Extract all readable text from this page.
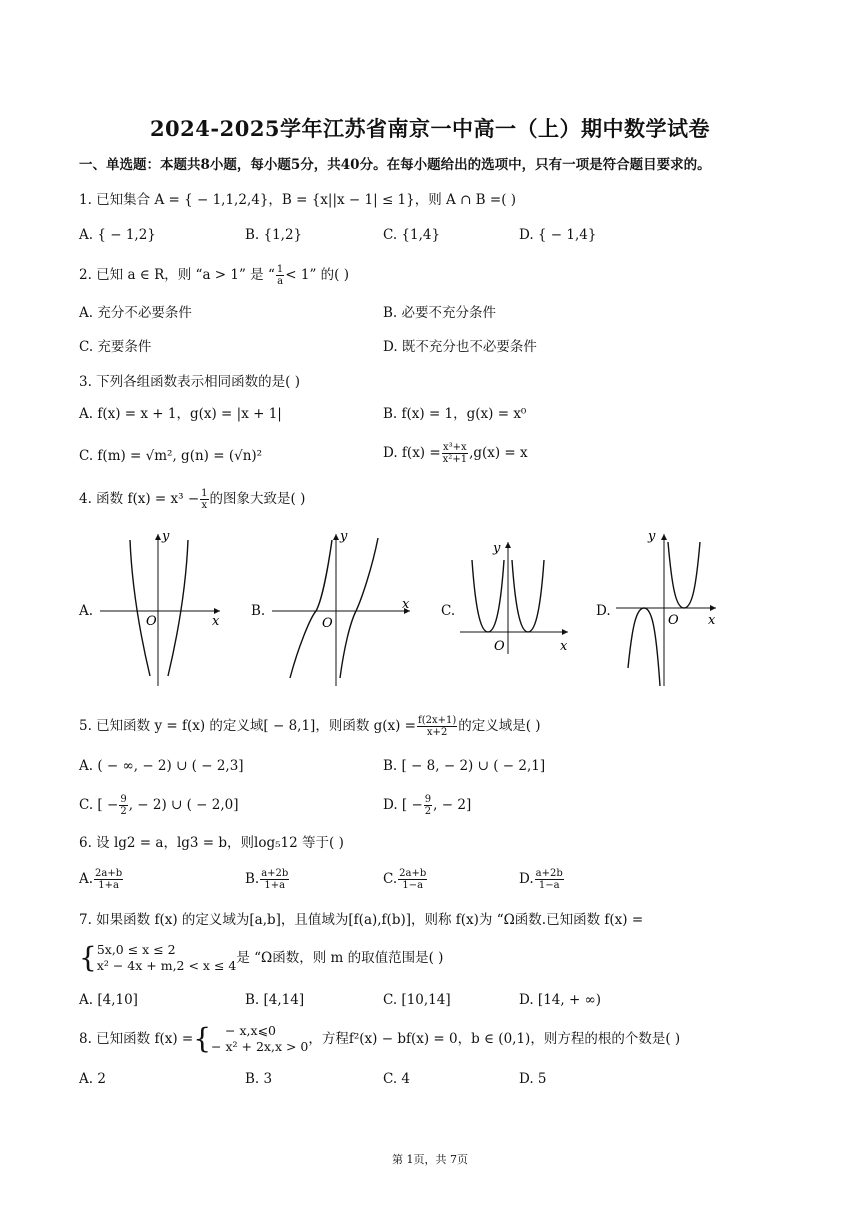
2024-2025学年江苏省南京一中高一（上）期中数学试卷
一、单选题：本题共8小题，每小题5分，共40分。在每小题给出的选项中，只有一项是符合题目要求的。
1. 已知集合 A = { − 1,1,2,4}，B = {x||x − 1| ≤ 1}，则 A ∩ B =( )
A. { − 1,2}	B. {1,2}	C. {1,4}	D. { − 1,4}
2. 已知 a ∈ R，则 “a > 1” 是 “ $\frac{1}{a} < 1$” 的( )
A. 充分不必要条件	B. 必要不充分条件
C. 充要条件	D. 既不充分也不必要条件
3. 下列各组函数表示相同函数的是( )
A. f(x) = x + 1，g(x) = |x + 1|	B. f(x) = 1，g(x) = x⁰
C. f(m) = √m², g(n) = (√n)²	D. $f(x) = \frac{\text{x³+x}}{\text{x²+1}} ,g(x) = x$
4. 函数 $f(x) = x^3 - \frac{1}{x}$ 的图象大致是( )
A.	B.	C.	D.
y
x
O
y
x
O
y
x
O
y
x
O
5. 已知函数 y = f(x) 的定义域[ − 8,1]，则函数 $g(x) = \frac{f(2x+1)}{x+2}$ 的定义域是( )
A. ( − ∞, − 2) ∪ ( − 2,3]	B. [ − 8, − 2) ∪ ( − 2,1]
C. [ − $\frac{9}{2}$ , − 2) ∪ ( − 2,0]	D. [ − $\frac{9}{2}$ , − 2]
6. 设 lg2 = a，lg3 = b，则log₅12 等于( )
A. $\frac{2a+b}{1+a}$	B. $\frac{a+2b}{1+a}$	C. $\frac{2a+b}{1-a}$	D. $\frac{a+2b}{1-a}$
7. 如果函数 f(x) 的定义域为[a,b]，且值域为[f(a),f(b)]，则称 f(x)为 “Ω函数.已知函数 f(x) =
{ 5x,0 ≤ x ≤ 2
x² − 4x + m,2 < x ≤ 4 是 “Ω函数，则 m 的取值范围是( )
A. [4,10]	B. [4,14]	C. [10,14]	D. [14, + ∞)
8. 已知函数 f(x) ={	− x,x⩽0
− x² + 2x,x > 0 ，方程f²(x) − bf(x) = 0，b ∈ (0,1)，则方程的根的个数是( )
A. 2	B. 3	C. 4	D. 5
第 1页，共 7页
